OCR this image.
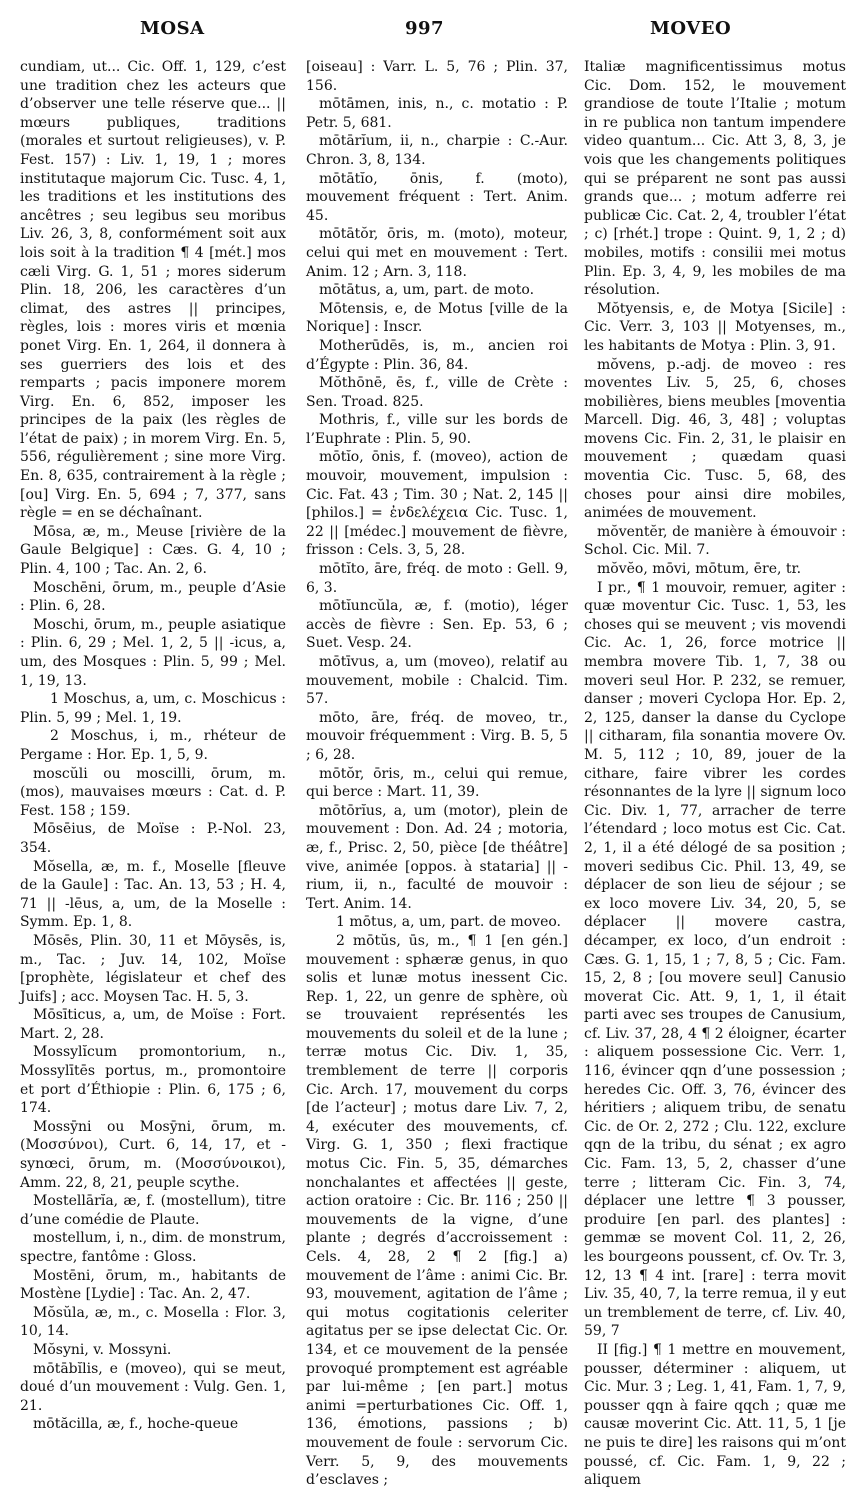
MOSA	997	MOVEO

cundiam, ut... Cic. Off. 1, 129, c’est une tradition chez les acteurs que d’observer une telle réserve que... || mœurs publiques, traditions (morales et surtout religieuses), v. P. Fest. 157) : Liv. 1, 19, 1 ; mores institutaque majorum Cic. Tusc. 4, 1, les traditions et les institutions des ancêtres ; seu legibus seu moribus Liv. 26, 3, 8, conformément soit aux lois soit à la tradition ¶ 4 [mét.] mos cæli Virg. G. 1, 51 ; mores siderum Plin. 18, 206, les caractères d’un climat, des astres || principes, règles, lois : mores viris et mœnia ponet Virg. En. 1, 264, il donnera à ses guerriers des lois et des remparts ; pacis imponere morem Virg. En. 6, 852, imposer les principes de la paix (les règles de l’état de paix) ; in morem Virg. En. 5, 556, régulièrement ; sine more Virg. En. 8, 635, contrairement à la règle ; [ou] Virg. En. 5, 694 ; 7, 377, sans règle = en se déchaînant.

Mōsa, æ, m., Meuse [rivière de la Gaule Belgique] : Cæs. G. 4, 10 ; Plin. 4, 100 ; Tac. An. 2, 6.

Moschēni, ōrum, m., peuple d’Asie : Plin. 6, 28.

Moschi, ōrum, m., peuple asiatique : Plin. 6, 29 ; Mel. 1, 2, 5 || -icus, a, um, des Mosques : Plin. 5, 99 ; Mel. 1, 19, 13.

1 Moschus, a, um, c. Moschicus : Plin. 5, 99 ; Mel. 1, 19.

2 Moschus, i, m., rhéteur de Pergame : Hor. Ep. 1, 5, 9.

moscŭli ou moscilli, ōrum, m. (mos), mauvaises mœurs : Cat. d. P. Fest. 158 ; 159.

Mōsēius, de Moïse : P.-Nol. 23, 354.

Mŏsella, æ, m. f., Moselle [fleuve de la Gaule] : Tac. An. 13, 53 ; H. 4, 71 || -lēus, a, um, de la Moselle : Symm. Ep. 1, 8.

Mōsēs, Plin. 30, 11 et Mōysēs, is, m., Tac. ; Juv. 14, 102, Moïse [prophète, législateur et chef des Juifs] ; acc. Moysen Tac. H. 5, 3.

Mōsīticus, a, um, de Moïse : Fort. Mart. 2, 28.

Mossylĭcum promontorium, n., Mossylītēs portus, m., promontoire et port d’Éthiopie : Plin. 6, 175 ; 6, 174.

Mossȳni ou Mosȳni, ōrum, m. (Μοσσύνοι), Curt. 6, 14, 17, et -synœci, ōrum, m. (Μοσσύνοικοι), Amm. 22, 8, 21, peuple scythe.

Mostellārĭa, æ, f. (mostellum), titre d’une comédie de Plaute.

mostellum, i, n., dim. de monstrum, spectre, fantôme : Gloss.

Mostēni, ōrum, m., habitants de Mostène [Lydie] : Tac. An. 2, 47.

Mŏsŭla, æ, m., c. Mosella : Flor. 3, 10, 14.

Mŏsyni, v. Mossyni.

mōtābĭlis, e (moveo), qui se meut, doué d’un mouvement : Vulg. Gen. 1, 21.

mōtăcilla, æ, f., hoche-queue

[oiseau] : Varr. L. 5, 76 ; Plin. 37, 156.

mōtāmen, inis, n., c. motatio : P. Petr. 5, 681.

mōtārĭum, ii, n., charpie : C.-Aur. Chron. 3, 8, 134.

mōtātĭo, ōnis, f. (moto), mouvement fréquent : Tert. Anim. 45.

mōtātŏr, ōris, m. (moto), moteur, celui qui met en mouvement : Tert. Anim. 12 ; Arn. 3, 118.

mōtātus, a, um, part. de moto.

Mōtensis, e, de Motus [ville de la Norique] : Inscr.

Motherūdēs, is, m., ancien roi d’Égypte : Plin. 36, 84.

Mŏthōnē, ēs, f., ville de Crète : Sen. Troad. 825.

Mothris, f., ville sur les bords de l’Euphrate : Plin. 5, 90.

mōtĭo, ōnis, f. (moveo), action de mouvoir, mouvement, impulsion : Cic. Fat. 43 ; Tim. 30 ; Nat. 2, 145 || [philos.] = ἐνδελέχεια Cic. Tusc. 1, 22 || [médec.] mouvement de fièvre, frisson : Cels. 3, 5, 28.

mōtĭto, āre, fréq. de moto : Gell. 9, 6, 3.

mōtĭuncŭla, æ, f. (motio), léger accès de fièvre : Sen. Ep. 53, 6 ; Suet. Vesp. 24.

mōtīvus, a, um (moveo), relatif au mouvement, mobile : Chalcid. Tim. 57.

mōto, āre, fréq. de moveo, tr., mouvoir fréquemment : Virg. B. 5, 5 ; 6, 28.

mōtŏr, ōris, m., celui qui remue, qui berce : Mart. 11, 39.

mōtōrĭus, a, um (motor), plein de mouvement : Don. Ad. 24 ; motoria, æ, f., Prisc. 2, 50, pièce [de théâtre] vive, animée [oppos. à stataria] || -rium, ii, n., faculté de mouvoir : Tert. Anim. 14.

1 mōtus, a, um, part. de moveo.

2 mōtŭs, ūs, m., ¶ 1 [en gén.] mouvement : sphæræ genus, in quo solis et lunæ motus inessent Cic. Rep. 1, 22, un genre de sphère, où se trouvaient représentés les mouvements du soleil et de la lune ; terræ motus Cic. Div. 1, 35, tremblement de terre || corporis Cic. Arch. 17, mouvement du corps [de l’acteur] ; motus dare Liv. 7, 2, 4, exécuter des mouvements, cf. Virg. G. 1, 350 ; flexi fractique motus Cic. Fin. 5, 35, démarches nonchalantes et affectées || geste, action oratoire : Cic. Br. 116 ; 250 || mouvements de la vigne, d’une plante ; degrés d’accroissement : Cels. 4, 28, 2 ¶ 2 [fig.] a) mouvement de l’âme : animi Cic. Br. 93, mouvement, agitation de l’âme ; qui motus cogitationis celeriter agitatus per se ipse delectat Cic. Or. 134, et ce mouvement de la pensée provoqué promptement est agréable par lui-même ; [en part.] motus animi =perturbationes Cic. Off. 1, 136, émotions, passions ; b) mouvement de foule : servorum Cic. Verr. 5, 9, des mouvements d’esclaves ;

Italiæ magnificentissimus motus Cic. Dom. 152, le mouvement grandiose de toute l’Italie ; motum in re publica non tantum impendere video quantum... Cic. Att 3, 8, 3, je vois que les changements politiques qui se préparent ne sont pas aussi grands que... ; motum adferre rei publicæ Cic. Cat. 2, 4, troubler l’état ; c) [rhét.] trope : Quint. 9, 1, 2 ; d) mobiles, motifs : consilii mei motus Plin. Ep. 3, 4, 9, les mobiles de ma résolution.

Mŏtyensis, e, de Motya [Sicile] : Cic. Verr. 3, 103 || Motyenses, m., les habitants de Motya : Plin. 3, 91.

mŏvens, p.-adj. de moveo : res moventes Liv. 5, 25, 6, choses mobilières, biens meubles [moventia Marcell. Dig. 46, 3, 48] ; voluptas movens Cic. Fin. 2, 31, le plaisir en mouvement ; quædam quasi moventia Cic. Tusc. 5, 68, des choses pour ainsi dire mobiles, animées de mouvement.

mŏventĕr, de manière à émouvoir : Schol. Cic. Mil. 7.

mŏvĕo, mōvi, mōtum, ēre, tr.

I pr., ¶ 1 mouvoir, remuer, agiter : quæ moventur Cic. Tusc. 1, 53, les choses qui se meuvent ; vis movendi Cic. Ac. 1, 26, force motrice || membra movere Tib. 1, 7, 38 ou moveri seul Hor. P. 232, se remuer, danser ; moveri Cyclopa Hor. Ep. 2, 2, 125, danser la danse du Cyclope || citharam, fila sonantia movere Ov. M. 5, 112 ; 10, 89, jouer de la cithare, faire vibrer les cordes résonnantes de la lyre || signum loco Cic. Div. 1, 77, arracher de terre l’étendard ; loco motus est Cic. Cat. 2, 1, il a été délogé de sa position ; moveri sedibus Cic. Phil. 13, 49, se déplacer de son lieu de séjour ; se ex loco movere Liv. 34, 20, 5, se déplacer || movere castra, décamper, ex loco, d’un endroit : Cæs. G. 1, 15, 1 ; 7, 8, 5 ; Cic. Fam. 15, 2, 8 ; [ou movere seul] Canusio moverat Cic. Att. 9, 1, 1, il était parti avec ses troupes de Canusium, cf. Liv. 37, 28, 4 ¶ 2 éloigner, écarter : aliquem possessione Cic. Verr. 1, 116, évincer qqn d’une possession ; heredes Cic. Off. 3, 76, évincer des héritiers ; aliquem tribu, de senatu Cic. de Or. 2, 272 ; Clu. 122, exclure qqn de la tribu, du sénat ; ex agro Cic. Fam. 13, 5, 2, chasser d’une terre ; litteram Cic. Fin. 3, 74, déplacer une lettre ¶ 3 pousser, produire [en parl. des plantes] : gemmæ se movent Col. 11, 2, 26, les bourgeons poussent, cf. Ov. Tr. 3, 12, 13 ¶ 4 int. [rare] : terra movit Liv. 35, 40, 7, la terre remua, il y eut un tremblement de terre, cf. Liv. 40, 59, 7

II [fig.] ¶ 1 mettre en mouvement, pousser, déterminer : aliquem, ut Cic. Mur. 3 ; Leg. 1, 41, Fam. 1, 7, 9, pousser qqn à faire qqch ; quæ me causæ moverint Cic. Att. 11, 5, 1 [je ne puis te dire] les raisons qui m’ont poussé, cf. Cic. Fam. 1, 9, 22 ; aliquem
